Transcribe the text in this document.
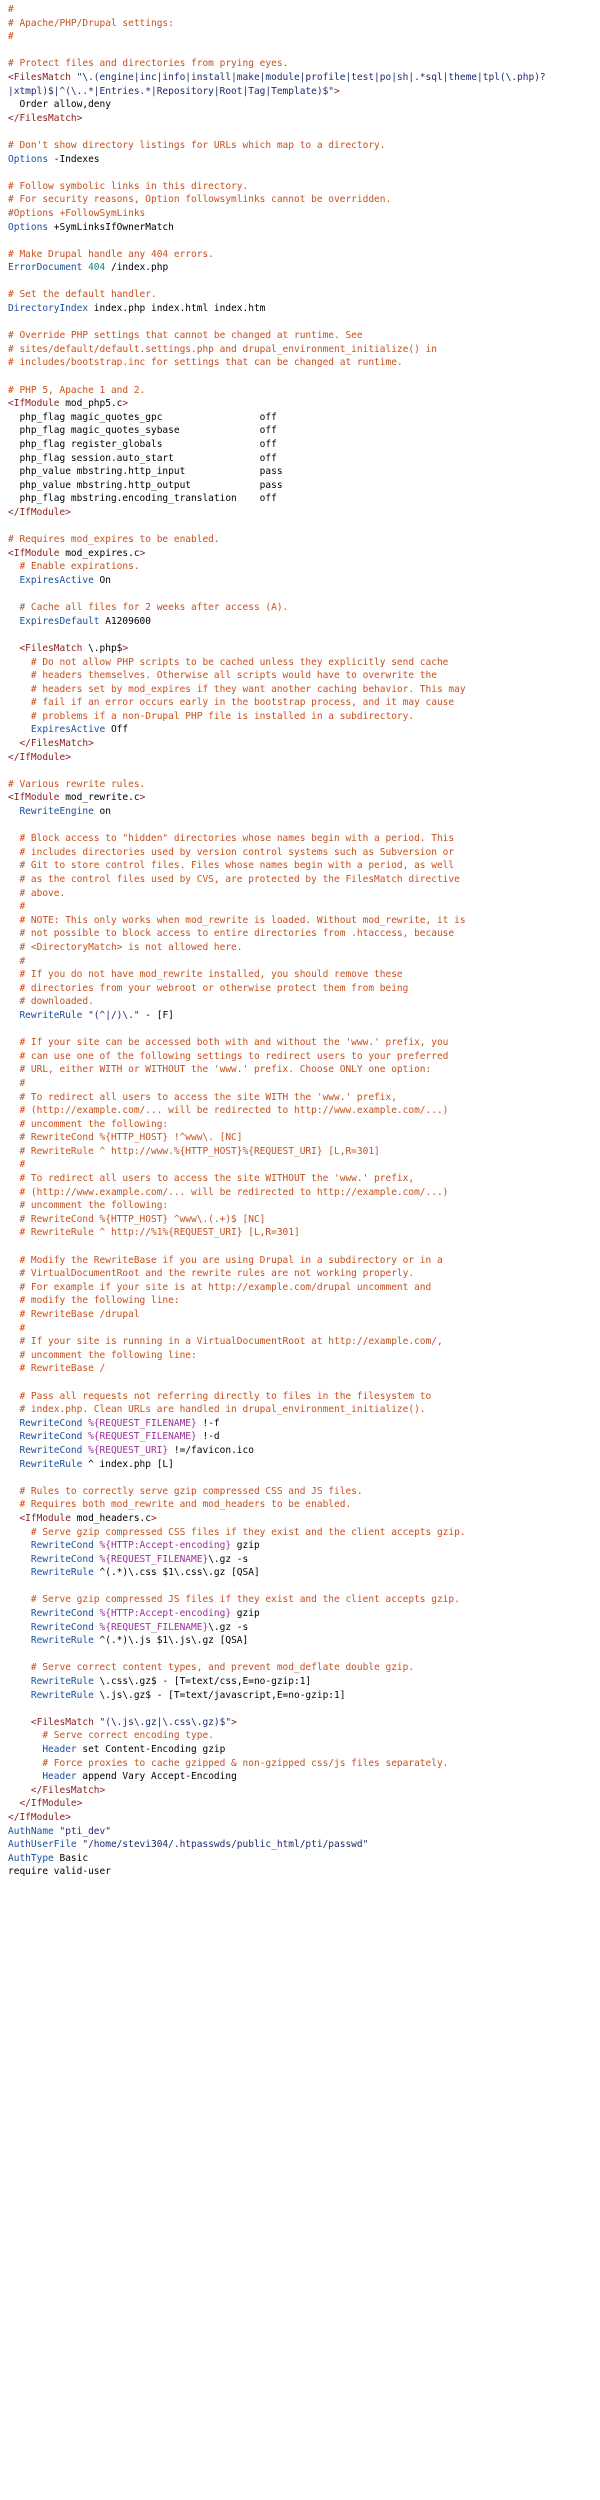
#
# Apache/PHP/Drupal settings:
#

# Protect files and directories from prying eyes.
<FilesMatch "\.(engine|inc|info|install|make|module|profile|test|po|sh|.*sql|theme|tpl(\.php)?
|xtmpl)$|^(\..*|Entries.*|Repository|Root|Tag|Template)$">
Order allow,deny
</FilesMatch>

# Don't show directory listings for URLs which map to a directory.
Options -Indexes

# Follow symbolic links in this directory.
# For security reasons, Option followsymlinks cannot be overridden.
#Options +FollowSymLinks
Options +SymLinksIfOwnerMatch

# Make Drupal handle any 404 errors.
ErrorDocument 404 /index.php

# Set the default handler.
DirectoryIndex index.php index.html index.htm

# Override PHP settings that cannot be changed at runtime. See
# sites/default/default.settings.php and drupal_environment_initialize() in
# includes/bootstrap.inc for settings that can be changed at runtime.

# PHP 5, Apache 1 and 2.
<IfModule mod_php5.c>
php_flag magic_quotes_gpc                 off
php_flag magic_quotes_sybase              off
php_flag register_globals                 off
php_flag session.auto_start               off
php_value mbstring.http_input             pass
php_value mbstring.http_output            pass
php_flag mbstring.encoding_translation    off
</IfModule>

# Requires mod_expires to be enabled.
<IfModule mod_expires.c>
# Enable expirations.
ExpiresActive On

# Cache all files for 2 weeks after access (A).
ExpiresDefault A1209600

<FilesMatch \.php$>
# Do not allow PHP scripts to be cached unless they explicitly send cache
# headers themselves. Otherwise all scripts would have to overwrite the
# headers set by mod_expires if they want another caching behavior. This may
# fail if an error occurs early in the bootstrap process, and it may cause
# problems if a non-Drupal PHP file is installed in a subdirectory.
ExpiresActive Off
</FilesMatch>
</IfModule>

# Various rewrite rules.
<IfModule mod_rewrite.c>
RewriteEngine on

# Block access to "hidden" directories whose names begin with a period. This
# includes directories used by version control systems such as Subversion or
# Git to store control files. Files whose names begin with a period, as well
# as the control files used by CVS, are protected by the FilesMatch directive
# above.
#
# NOTE: This only works when mod_rewrite is loaded. Without mod_rewrite, it is
# not possible to block access to entire directories from .htaccess, because
# <DirectoryMatch> is not allowed here.
#
# If you do not have mod_rewrite installed, you should remove these
# directories from your webroot or otherwise protect them from being
# downloaded.
RewriteRule "(^|/)\." - [F]

# If your site can be accessed both with and without the 'www.' prefix, you
# can use one of the following settings to redirect users to your preferred
# URL, either WITH or WITHOUT the 'www.' prefix. Choose ONLY one option:
#
# To redirect all users to access the site WITH the 'www.' prefix,
# (http://example.com/... will be redirected to http://www.example.com/...)
# uncomment the following:
# RewriteCond %{HTTP_HOST} !^www\. [NC]
# RewriteRule ^ http://www.%{HTTP_HOST}%{REQUEST_URI} [L,R=301]
#
# To redirect all users to access the site WITHOUT the 'www.' prefix,
# (http://www.example.com/... will be redirected to http://example.com/...)
# uncomment the following:
# RewriteCond %{HTTP_HOST} ^www\.(.+)$ [NC]
# RewriteRule ^ http://%1%{REQUEST_URI} [L,R=301]

# Modify the RewriteBase if you are using Drupal in a subdirectory or in a
# VirtualDocumentRoot and the rewrite rules are not working properly.
# For example if your site is at http://example.com/drupal uncomment and
# modify the following line:
# RewriteBase /drupal
#
# If your site is running in a VirtualDocumentRoot at http://example.com/,
# uncomment the following line:
# RewriteBase /

# Pass all requests not referring directly to files in the filesystem to
# index.php. Clean URLs are handled in drupal_environment_initialize().
RewriteCond %{REQUEST_FILENAME} !-f
RewriteCond %{REQUEST_FILENAME} !-d
RewriteCond %{REQUEST_URI} !=/favicon.ico
RewriteRule ^ index.php [L]

# Rules to correctly serve gzip compressed CSS and JS files.
# Requires both mod_rewrite and mod_headers to be enabled.
<IfModule mod_headers.c>
# Serve gzip compressed CSS files if they exist and the client accepts gzip.
RewriteCond %{HTTP:Accept-encoding} gzip
RewriteCond %{REQUEST_FILENAME}\.gz -s
RewriteRule ^(.*)\.css $1\.css\.gz [QSA]

# Serve gzip compressed JS files if they exist and the client accepts gzip.
RewriteCond %{HTTP:Accept-encoding} gzip
RewriteCond %{REQUEST_FILENAME}\.gz -s
RewriteRule ^(.*)\.js $1\.js\.gz [QSA]

# Serve correct content types, and prevent mod_deflate double gzip.
RewriteRule \.css\.gz$ - [T=text/css,E=no-gzip:1]
RewriteRule \.js\.gz$ - [T=text/javascript,E=no-gzip:1]

<FilesMatch "(\.js\.gz|\.css\.gz)$">
# Serve correct encoding type.
Header set Content-Encoding gzip
# Force proxies to cache gzipped & non-gzipped css/js files separately.
Header append Vary Accept-Encoding
</FilesMatch>
</IfModule>
</IfModule>
AuthName "pti_dev"
AuthUserFile "/home/stevi304/.htpasswds/public_html/pti/passwd"
AuthType Basic
require valid-user
